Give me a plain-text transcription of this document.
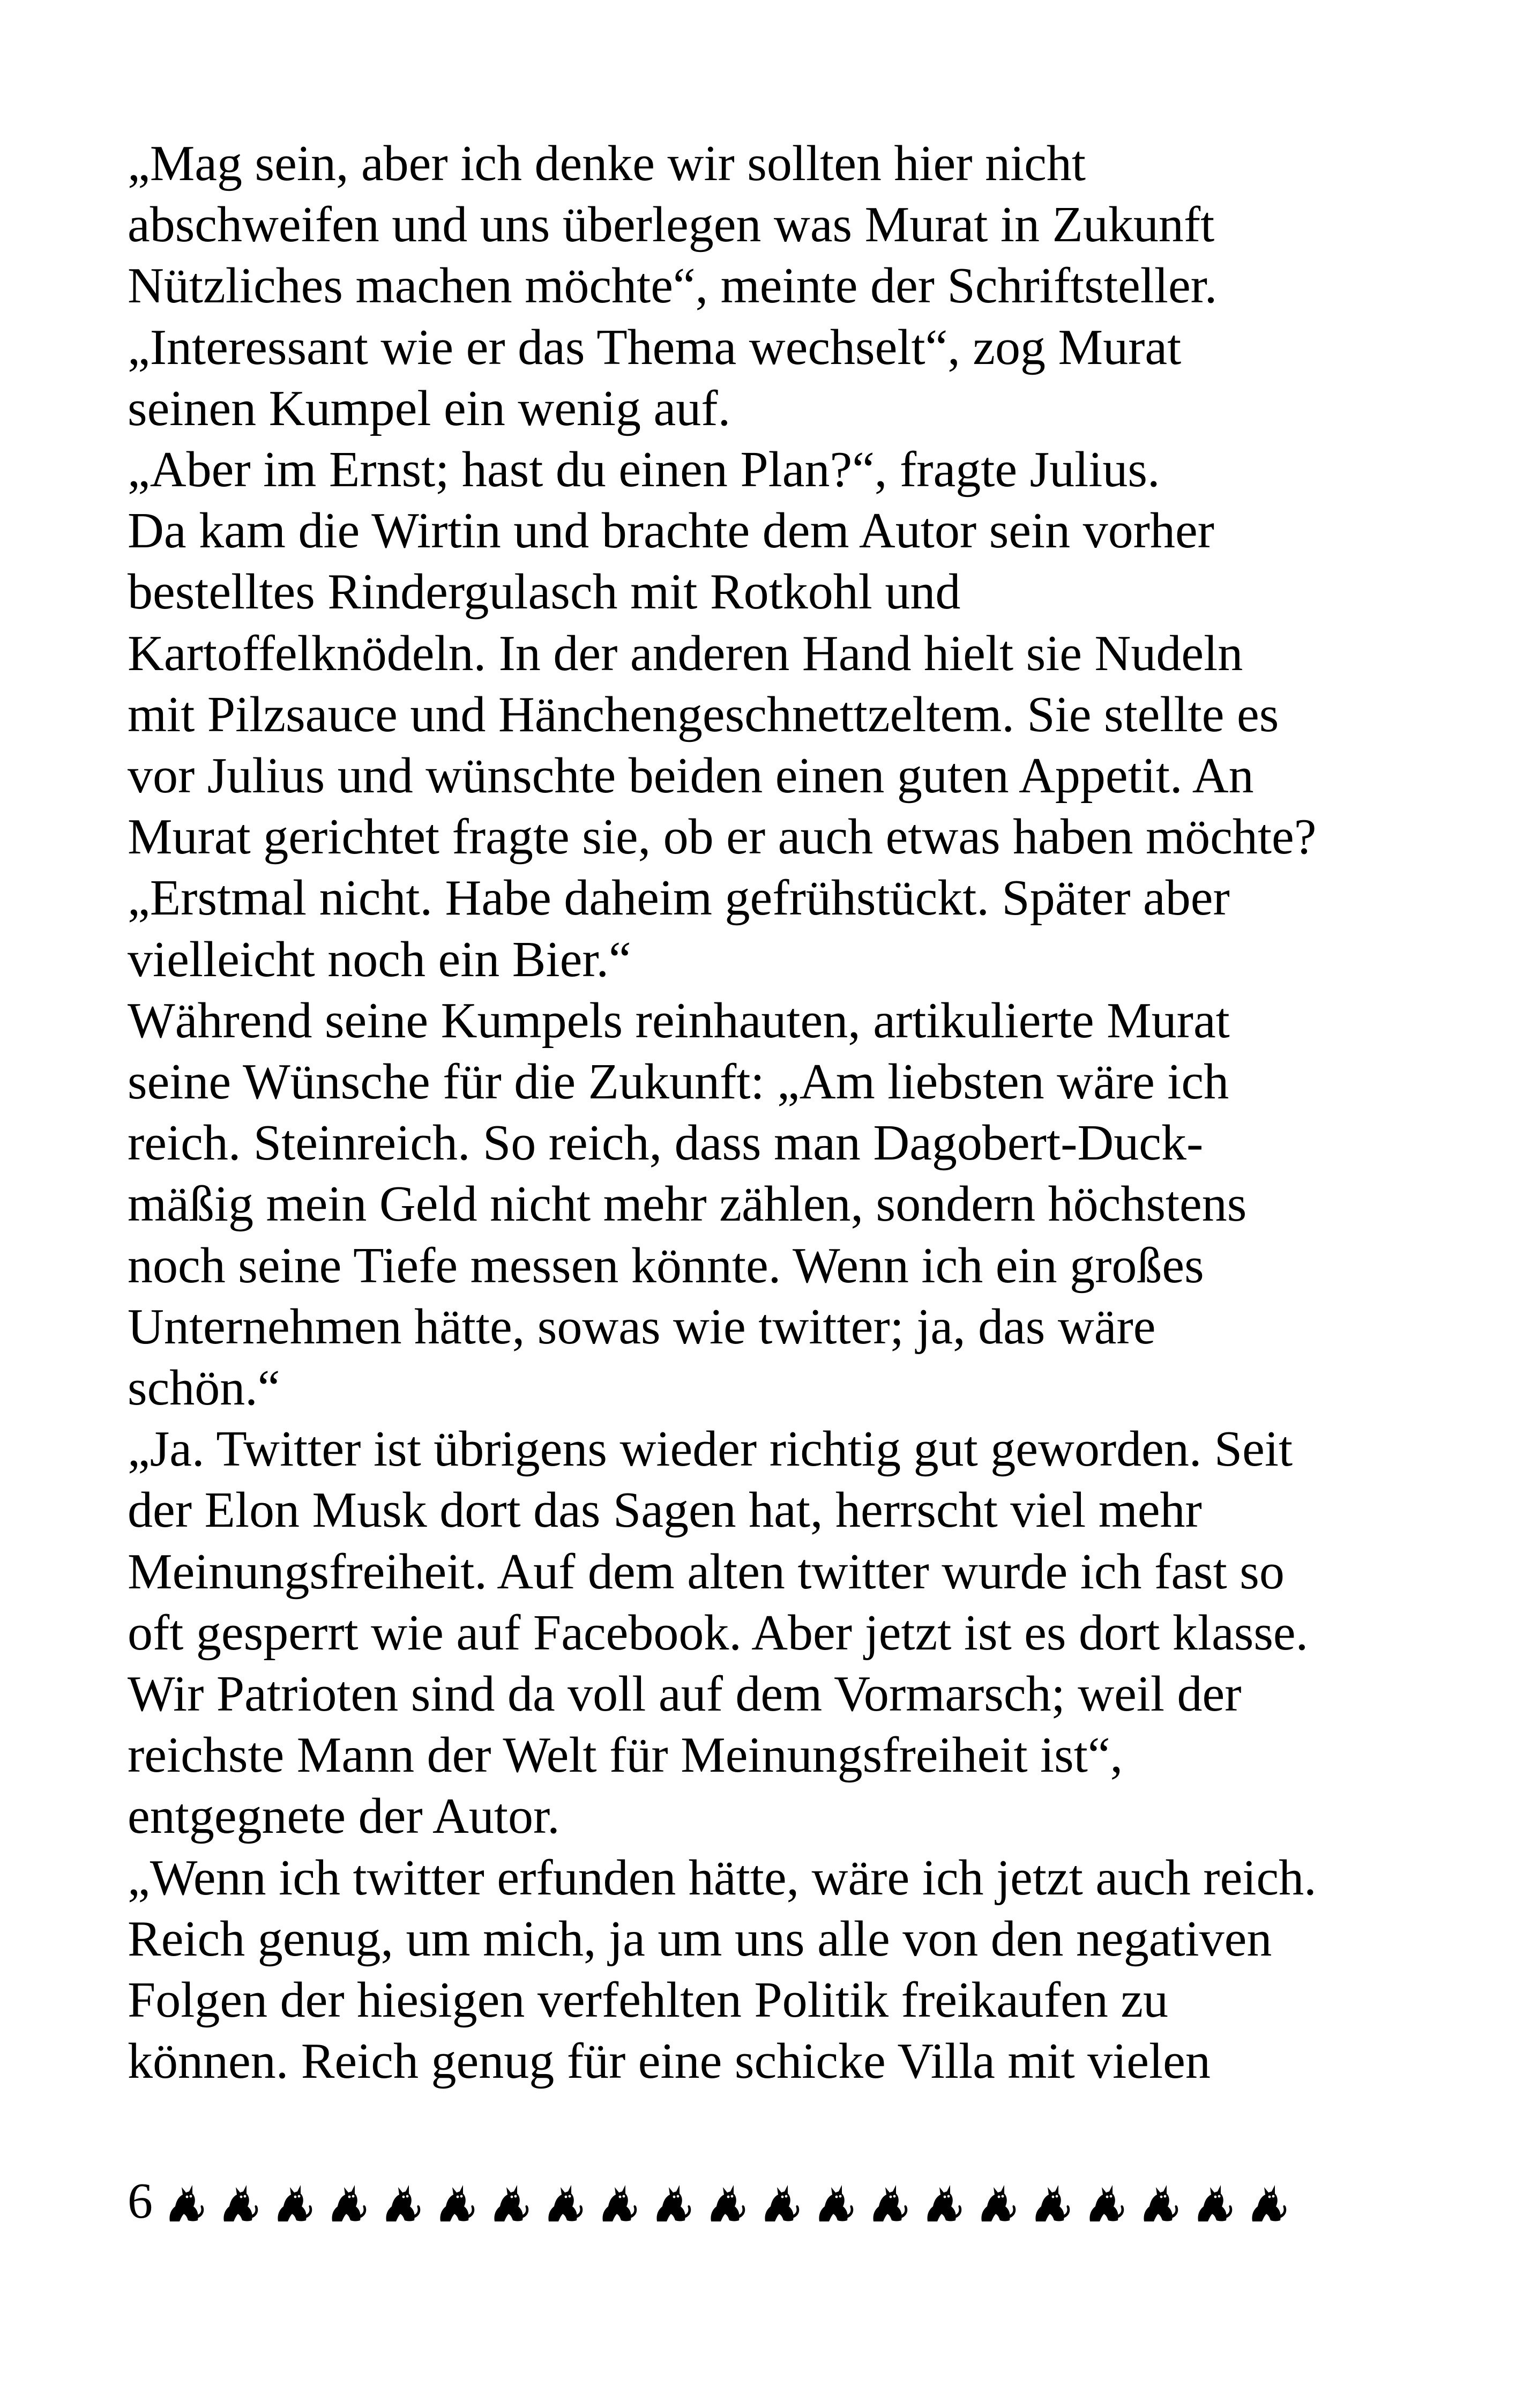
„Mag sein, aber ich denke wir sollten hier nicht
abschweifen und uns überlegen was Murat in Zukunft
Nützliches machen möchte“, meinte der Schriftsteller.
„Interessant wie er das Thema wechselt“, zog Murat
seinen Kumpel ein wenig auf.
„Aber im Ernst; hast du einen Plan?“, fragte Julius.
Da kam die Wirtin und brachte dem Autor sein vorher
bestelltes Rindergulasch mit Rotkohl und
Kartoffelknödeln. In der anderen Hand hielt sie Nudeln
mit Pilzsauce und Hänchengeschnettzeltem. Sie stellte es
vor Julius und wünschte beiden einen guten Appetit. An
Murat gerichtet fragte sie, ob er auch etwas haben möchte?
„Erstmal nicht. Habe daheim gefrühstückt. Später aber
vielleicht noch ein Bier.“
Während seine Kumpels reinhauten, artikulierte Murat
seine Wünsche für die Zukunft: „Am liebsten wäre ich
reich. Steinreich. So reich, dass man Dagobert-Duck-
mäßig mein Geld nicht mehr zählen, sondern höchstens
noch seine Tiefe messen könnte. Wenn ich ein großes
Unternehmen hätte, sowas wie twitter; ja, das wäre
schön.“
„Ja. Twitter ist übrigens wieder richtig gut geworden. Seit
der Elon Musk dort das Sagen hat, herrscht viel mehr
Meinungsfreiheit. Auf dem alten twitter wurde ich fast so
oft gesperrt wie auf Facebook. Aber jetzt ist es dort klasse.
Wir Patrioten sind da voll auf dem Vormarsch; weil der
reichste Mann der Welt für Meinungsfreiheit ist“,
entgegnete der Autor.
„Wenn ich twitter erfunden hätte, wäre ich jetzt auch reich.
Reich genug, um mich, ja um uns alle von den negativen
Folgen der hiesigen verfehlten Politik freikaufen zu
können. Reich genug für eine schicke Villa mit vielen
6
